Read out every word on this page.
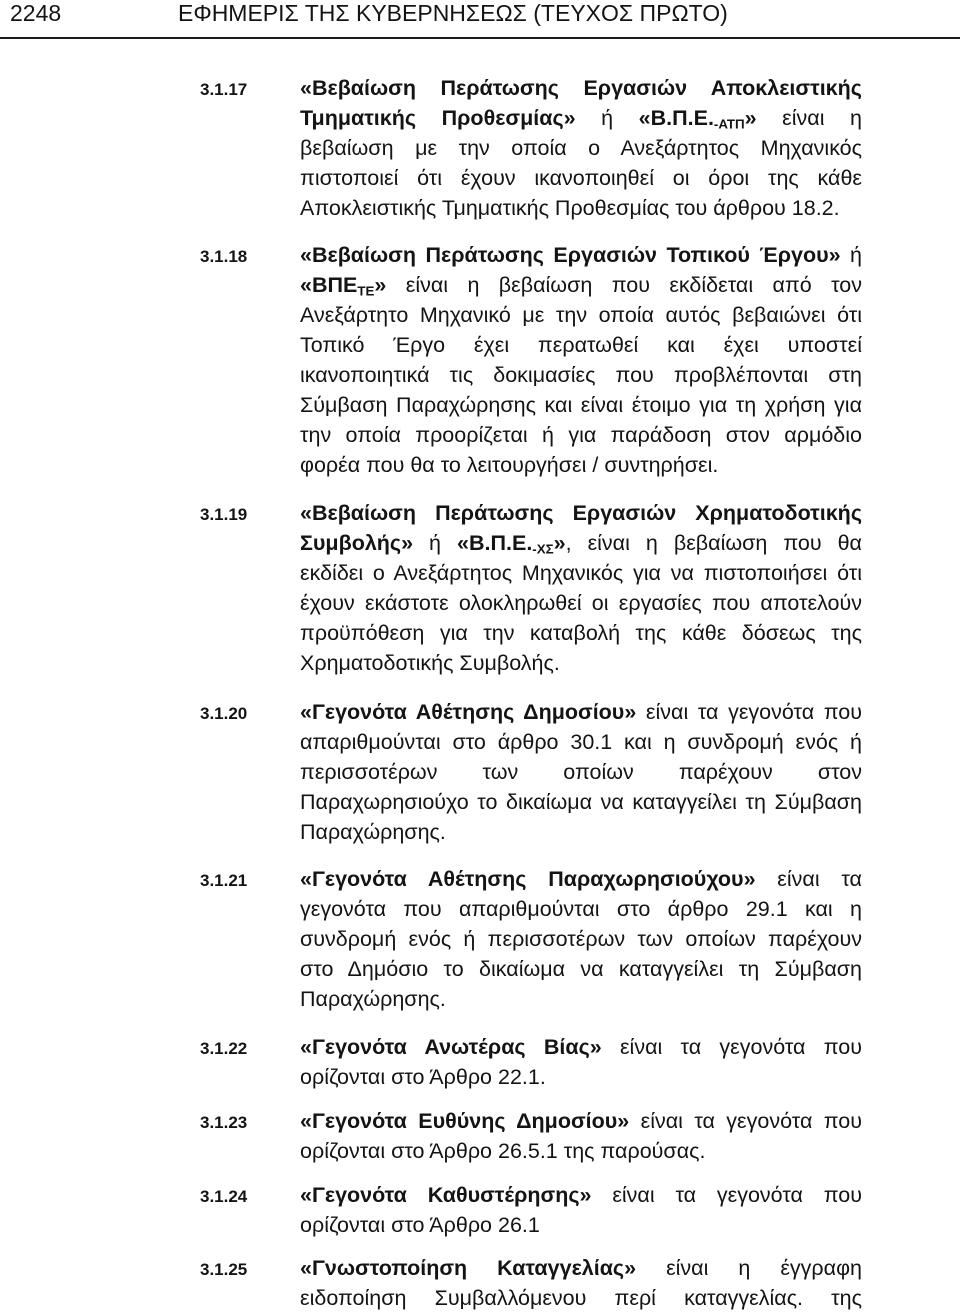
2248	ΕΦΗΜΕΡΙΣ ΤΗΣ ΚΥΒΕΡΝΗΣΕΩΣ (ΤΕΥΧΟΣ ΠΡΩΤΟ)
3.1.17	«Βεβαίωση Περάτωσης Εργασιών Αποκλειστικής
Τμηματικής Προθεσμίας» ή «$B.\Pi.E._{-AT\Pi}$» είναι η
βεβαίωση με την οποία ο Ανεξάρτητος Μηχανικός
πιστοποιεί ότι έχουν ικανοποιηθεί οι όροι της κάθε
Αποκλειστικής Τμηματικής Προθεσμίας του άρθρου 18.2.
3.1.18	«Βεβαίωση Περάτωσης Εργασιών Τοπικού Έργου» ή
«$B\Pi E_{TE}$» είναι η βεβαίωση που εκδίδεται από τον
Ανεξάρτητο Μηχανικό με την οποία αυτός βεβαιώνει ότι
Τοπικό Έργο έχει περατωθεί και έχει υποστεί
ικανοποιητικά τις δοκιμασίες που προβλέπονται στη
Σύμβαση Παραχώρησης και είναι έτοιμο για τη χρήση για
την οποία προορίζεται ή για παράδοση στον αρμόδιο
φορέα που θα το λειτουργήσει / συντηρήσει.
3.1.19	«Βεβαίωση Περάτωσης Εργασιών Χρηματοδοτικής
Συμβολής» ή «$B.\Pi.E._{-X\Sigma}$», είναι η βεβαίωση που θα
εκδίδει ο Ανεξάρτητος Μηχανικός για να πιστοποιήσει ότι
έχουν εκάστοτε ολοκληρωθεί οι εργασίες που αποτελούν
προϋπόθεση για την καταβολή της κάθε δόσεως της
Χρηματοδοτικής Συμβολής.
3.1.20	«Γεγονότα Αθέτησης Δημοσίου» είναι τα γεγονότα που
απαριθμούνται στο άρθρο 30.1 και η συνδρομή ενός ή
περισσοτέρων των οποίων παρέχουν στον
Παραχωρησιούχο το δικαίωμα να καταγγείλει τη Σύμβαση
Παραχώρησης.
3.1.21	«Γεγονότα Αθέτησης Παραχωρησιούχου» είναι τα
γεγονότα που απαριθμούνται στο άρθρο 29.1 και η
συνδρομή ενός ή περισσοτέρων των οποίων παρέχουν
στο Δημόσιο το δικαίωμα να καταγγείλει τη Σύμβαση
Παραχώρησης.
3.1.22	«Γεγονότα Ανωτέρας Βίας» είναι τα γεγονότα που
ορίζονται στο Άρθρο 22.1.
3.1.23	«Γεγονότα Ευθύνης Δημοσίου» είναι τα γεγονότα που
ορίζονται στο Άρθρο 26.5.1 της παρούσας.
3.1.24	«Γεγονότα Καθυστέρησης» είναι τα γεγονότα που
ορίζονται στο Άρθρο 26.1
3.1.25	«Γνωστοποίηση Καταγγελίας» είναι η έγγραφη
ειδοποίηση Συμβαλλόμενου περί καταγγελίας. της
